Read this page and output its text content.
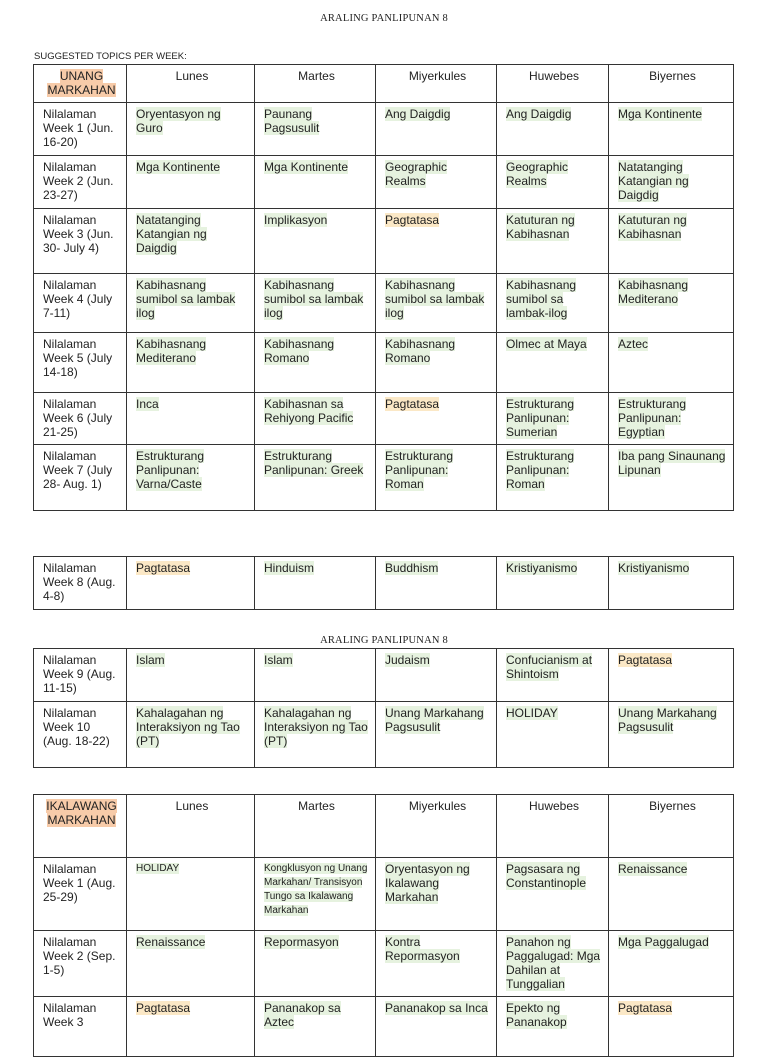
ARALING PANLIPUNAN 8
SUGGESTED TOPICS PER WEEK:
UNANG MARKAHAN	Lunes	Martes	Miyerkules	Huwebes	Biyernes
Nilalaman Week 1 (Jun. 16-20)	Oryentasyon ng Guro	Paunang Pagsusulit	Ang Daigdig	Ang Daigdig	Mga Kontinente
Nilalaman Week 2 (Jun. 23-27)	Mga Kontinente	Mga Kontinente	Geographic Realms	Geographic Realms	Natatanging Katangian ng Daigdig
Nilalaman Week 3 (Jun. 30- July 4)	Natatanging Katangian ng Daigdig	Implikasyon	Pagtatasa	Katuturan ng Kabihasnan	Katuturan ng Kabihasnan
Nilalaman Week 4 (July 7-11)	Kabihasnang sumibol sa lambak ilog	Kabihasnang sumibol sa lambak ilog	Kabihasnang sumibol sa lambak ilog	Kabihasnang sumibol sa lambak-ilog	Kabihasnang Mediterano
Nilalaman Week 5 (July 14-18)	Kabihasnang Mediterano	Kabihasnang Romano	Kabihasnang Romano	Olmec at Maya	Aztec
Nilalaman Week 6 (July 21-25)	Inca	Kabihasnan sa Rehiyong Pacific	Pagtatasa	Estrukturang Panlipunan: Sumerian	Estrukturang Panlipunan: Egyptian
Nilalaman Week 7 (July 28- Aug. 1)	Estrukturang Panlipunan: Varna/Caste	Estrukturang Panlipunan: Greek	Estrukturang Panlipunan: Roman	Estrukturang Panlipunan: Roman	Iba pang Sinaunang Lipunan
Nilalaman Week 8 (Aug. 4-8)	Pagtatasa	Hinduism	Buddhism	Kristiyanismo	Kristiyanismo
ARALING PANLIPUNAN 8
Nilalaman Week 9 (Aug. 11-15)	Islam	Islam	Judaism	Confucianism at Shintoism	Pagtatasa
Nilalaman Week 10 (Aug. 18-22)	Kahalagahan ng Interaksiyon ng Tao (PT)	Kahalagahan ng Interaksiyon ng Tao (PT)	Unang Markahang Pagsusulit	HOLIDAY	Unang Markahang Pagsusulit
IKALAWANG MARKAHAN	Lunes	Martes	Miyerkules	Huwebes	Biyernes
Nilalaman Week 1 (Aug. 25-29)	HOLIDAY	Kongklusyon ng Unang Markahan/ Transisyon Tungo sa Ikalawang Markahan	Oryentasyon ng Ikalawang Markahan	Pagsasara ng Constantinople	Renaissance
Nilalaman Week 2 (Sep. 1-5)	Renaissance	Repormasyon	Kontra Repormasyon	Panahon ng Paggalugad: Mga Dahilan at Tunggalian	Mga Paggalugad
Nilalaman Week 3	Pagtatasa	Pananakop sa Aztec	Pananakop sa Inca	Epekto ng Pananakop	Pagtatasa
